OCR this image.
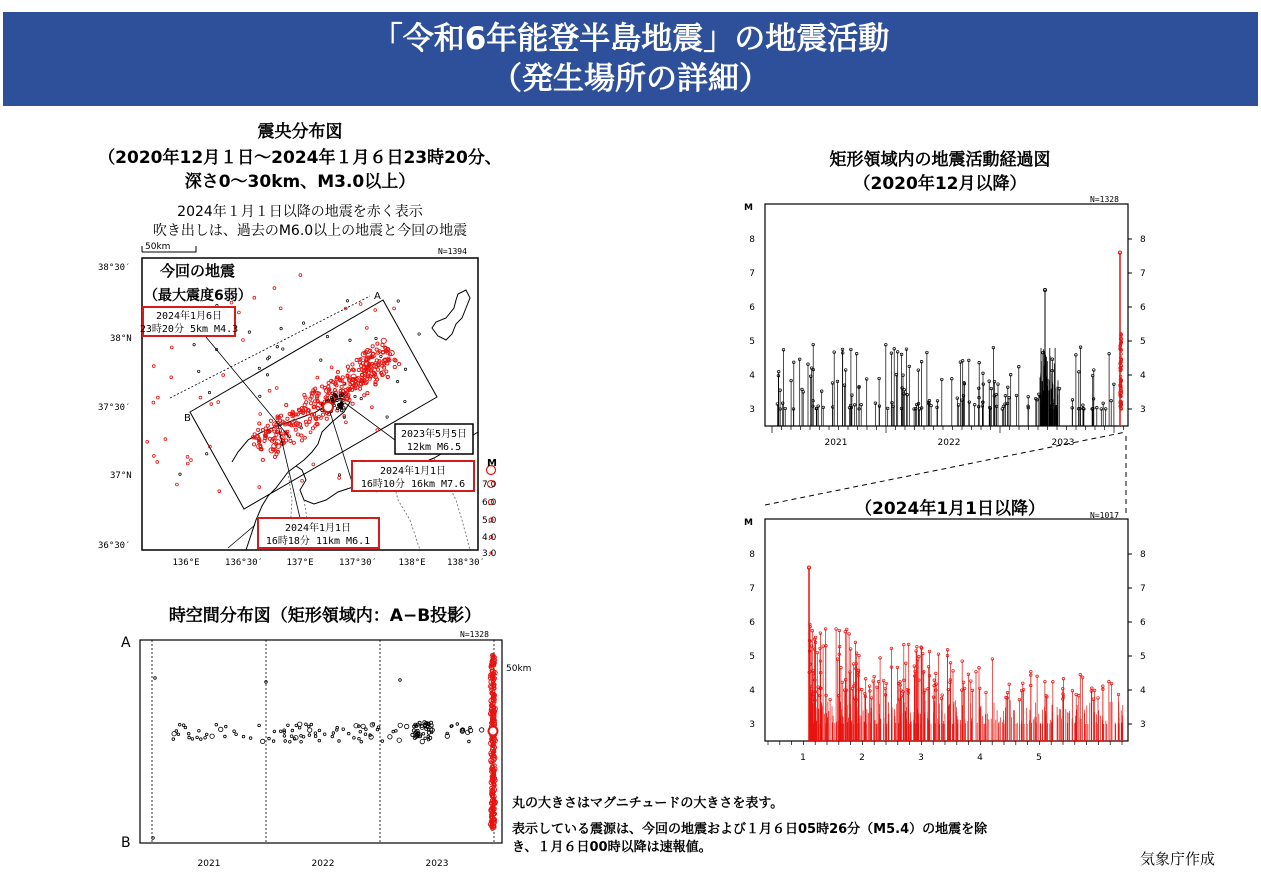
「令和6年能登半島地震」の地震活動
（発生場所の詳細）
震央分布図
（2020年12月１日～2024年１月６日23時20分、
深さ0～30km、M3.0以上）
2024年１月１日以降の地震を赤く表示
吹き出しは、過去のM6.0以上の地震と今回の地震
矩形領域内の地震活動経過図
（2020年12月以降）
（2024年1月1日以降）
時空間分布図（矩形領域内：A−B投影）
丸の大きさはマグニチュードの大きさを表す。
表示している震源は、今回の地震および１月６日05時26分（M5.4）の地震を除
き、１月６日00時以降は速報値。
気象庁作成
3	3
4	4
5	5
6	6
7	7
8	8
3	3
4	4
5	5
6	6
7	7
8	8
50km	N=1394
今回の地震
（最大震度6弱）
2024年1月6日
23時20分 5km M4.3
2023年5月5日
12km M6.5
2024年1月1日
16時10分 16km M7.6
2024年1月1日
16時18分 11km M6.1
A
B
38°30′
38°N
37°30′
37°N
36°30′
136°E	136°30′	137°E	137°30′ 138°E 138°30′
M
7.0
6.0
5.0
4.0
3.0
A
B
N=1328
50km
2021	2022	2023
N=1328
M
2021	2022	2023
N=1017
M
1	2	3	4	5
